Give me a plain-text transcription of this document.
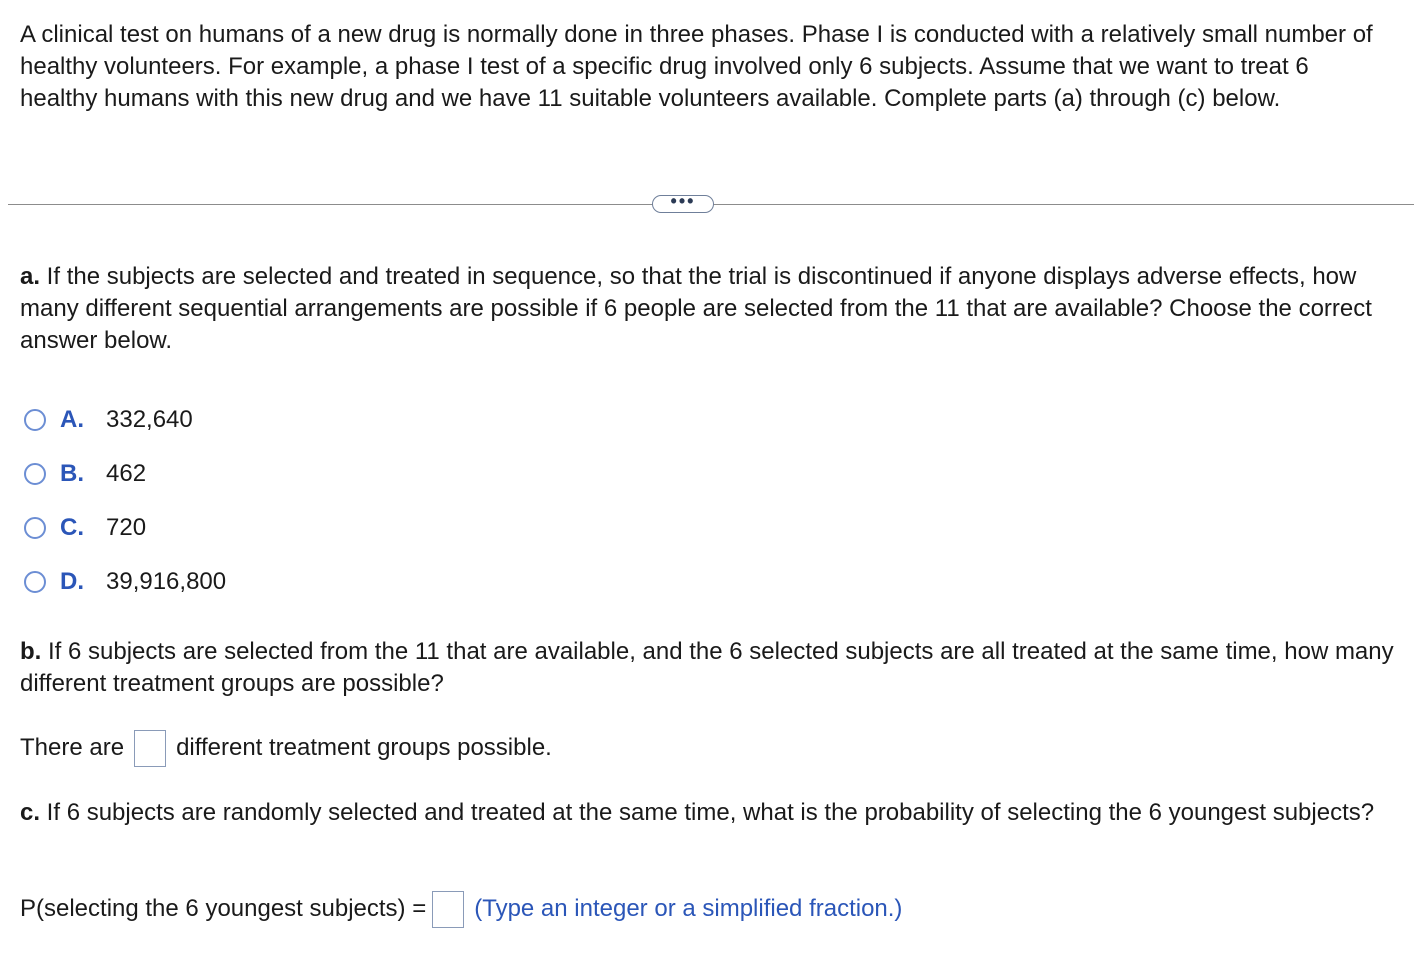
A clinical test on humans of a new drug is normally done in three phases. Phase I is conducted with a relatively small number of healthy volunteers. For example, a phase I test of a specific drug involved only 6 subjects. Assume that we want to treat 6 healthy humans with this new drug and we have 11 suitable volunteers available. Complete parts (a) through (c) below.

•••

a. If the subjects are selected and treated in sequence, so that the trial is discontinued if anyone displays adverse effects, how many different sequential arrangements are possible if 6 people are selected from the 11 that are available? Choose the correct answer below.

A. 332,640
B. 462
C. 720
D. 39,916,800

b. If 6 subjects are selected from the 11 that are available, and the 6 selected subjects are all treated at the same time, how many different treatment groups are possible?

There are different treatment groups possible.

c. If 6 subjects are randomly selected and treated at the same time, what is the probability of selecting the 6 youngest subjects?

P(selecting the 6 youngest subjects) = (Type an integer or a simplified fraction.)
